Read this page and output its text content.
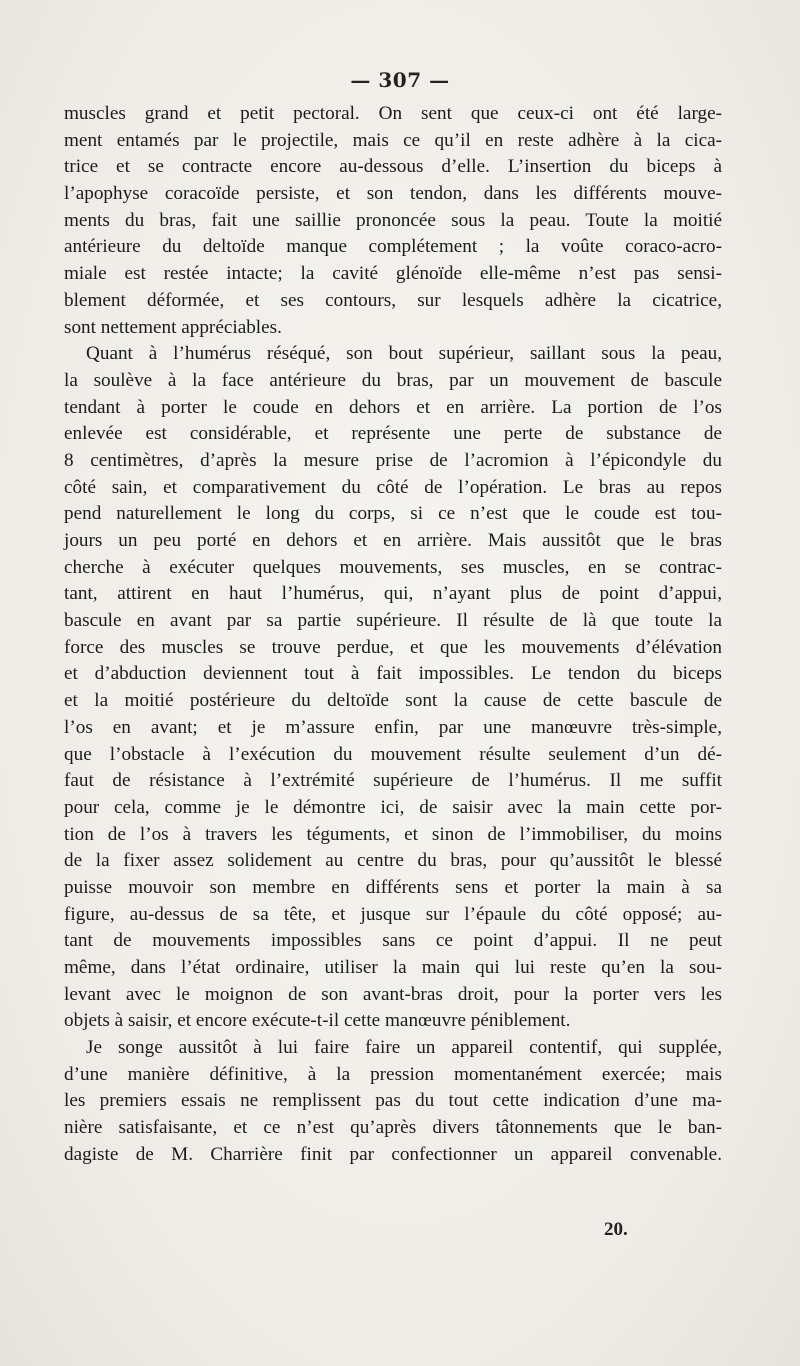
— 307 —
muscles grand et petit pectoral. On sent que ceux-ci ont été large-
ment entamés par le projectile, mais ce qu’il en reste adhère à la cica-
trice et se contracte encore au-dessous d’elle. L’insertion du biceps à
l’apophyse coracoïde persiste, et son tendon, dans les différents mouve-
ments du bras, fait une saillie prononcée sous la peau. Toute la moitié
antérieure du deltoïde manque complétement ; la voûte coraco-acro-
miale est restée intacte; la cavité glénoïde elle-même n’est pas sensi-
blement déformée, et ses contours, sur lesquels adhère la cicatrice,
sont nettement appréciables.
Quant à l’humérus réséqué, son bout supérieur, saillant sous la peau,
la soulève à la face antérieure du bras, par un mouvement de bascule
tendant à porter le coude en dehors et en arrière. La portion de l’os
enlevée est considérable, et représente une perte de substance de
8 centimètres, d’après la mesure prise de l’acromion à l’épicondyle du
côté sain, et comparativement du côté de l’opération. Le bras au repos
pend naturellement le long du corps, si ce n’est que le coude est tou-
jours un peu porté en dehors et en arrière. Mais aussitôt que le bras
cherche à exécuter quelques mouvements, ses muscles, en se contrac-
tant, attirent en haut l’humérus, qui, n’ayant plus de point d’appui,
bascule en avant par sa partie supérieure. Il résulte de là que toute la
force des muscles se trouve perdue, et que les mouvements d’élévation
et d’abduction deviennent tout à fait impossibles. Le tendon du biceps
et la moitié postérieure du deltoïde sont la cause de cette bascule de
l’os en avant; et je m’assure enfin, par une manœuvre très-simple,
que l’obstacle à l’exécution du mouvement résulte seulement d’un dé-
faut de résistance à l’extrémité supérieure de l’humérus. Il me suffit
pour cela, comme je le démontre ici, de saisir avec la main cette por-
tion de l’os à travers les téguments, et sinon de l’immobiliser, du moins
de la fixer assez solidement au centre du bras, pour qu’aussitôt le blessé
puisse mouvoir son membre en différents sens et porter la main à sa
figure, au-dessus de sa tête, et jusque sur l’épaule du côté opposé; au-
tant de mouvements impossibles sans ce point d’appui. Il ne peut
même, dans l’état ordinaire, utiliser la main qui lui reste qu’en la sou-
levant avec le moignon de son avant-bras droit, pour la porter vers les
objets à saisir, et encore exécute-t-il cette manœuvre péniblement.
Je songe aussitôt à lui faire faire un appareil contentif, qui supplée,
d’une manière définitive, à la pression momentanément exercée; mais
les premiers essais ne remplissent pas du tout cette indication d’une ma-
nière satisfaisante, et ce n’est qu’après divers tâtonnements que le ban-
dagiste de M. Charrière finit par confectionner un appareil convenable.
20.
